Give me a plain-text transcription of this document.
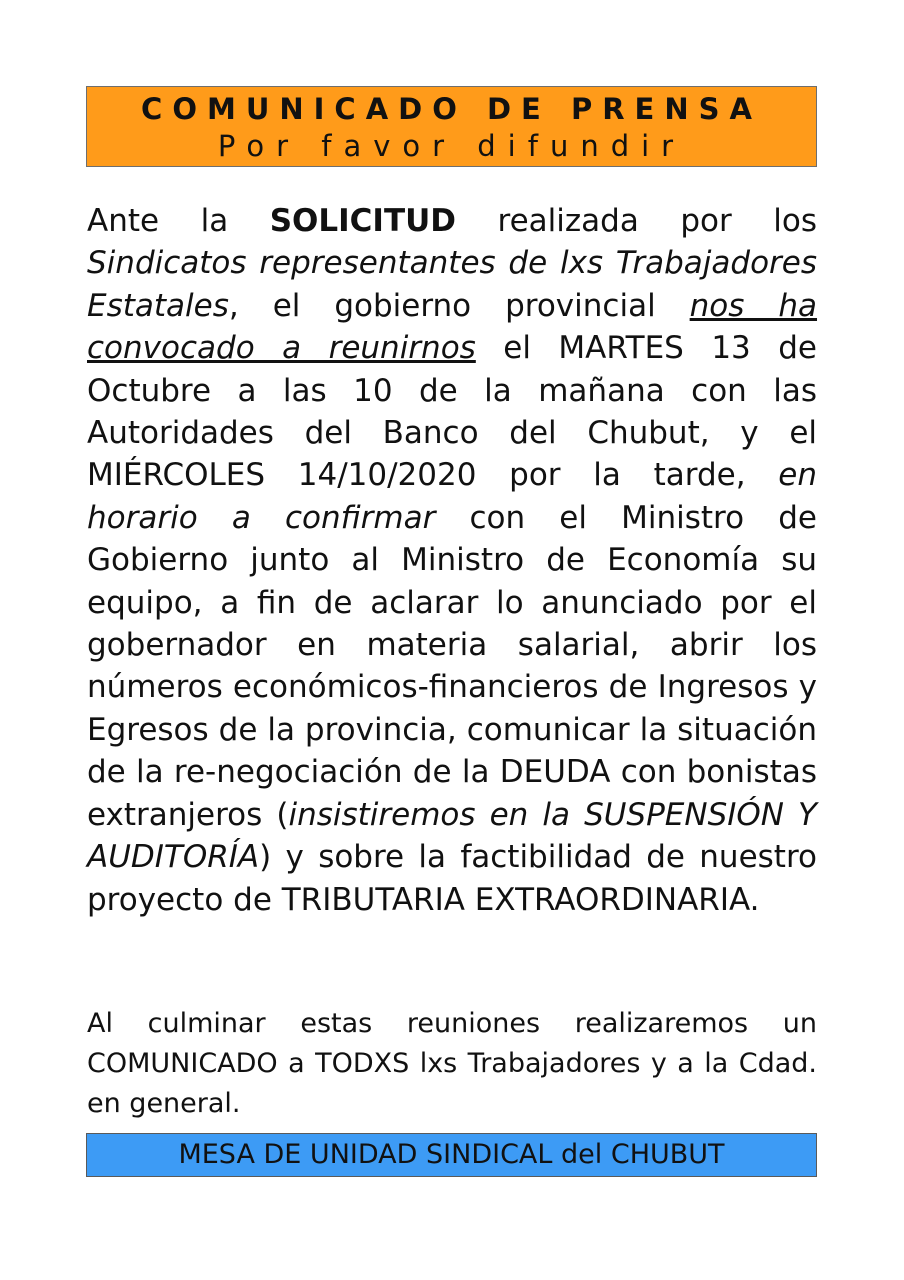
COMUNICADO DE PRENSA
Por favor difundir

Ante la SOLICITUD realizada por los Sindicatos representantes de lxs Trabajadores Estatales, el gobierno provincial nos ha convocado a reunirnos el MARTES 13 de Octubre a las 10 de la mañana con las Autoridades del Banco del Chubut, y el MIÉRCOLES 14/10/2020 por la tarde, en horario a confirmar con el Ministro de Gobierno junto al Ministro de Economía su equipo, a fin de aclarar lo anunciado por el gobernador en materia salarial, abrir los números económicos-financieros de Ingresos y Egresos de la provincia, comunicar la situación de la re-negociación de la DEUDA con bonistas extranjeros (insistiremos en la SUSPENSIÓN Y AUDITORÍA) y sobre la factibilidad de nuestro proyecto de TRIBUTARIA EXTRAORDINARIA.

Al culminar estas reuniones realizaremos un COMUNICADO a TODXS lxs Trabajadores y a la Cdad. en general.

MESA DE UNIDAD SINDICAL del CHUBUT
